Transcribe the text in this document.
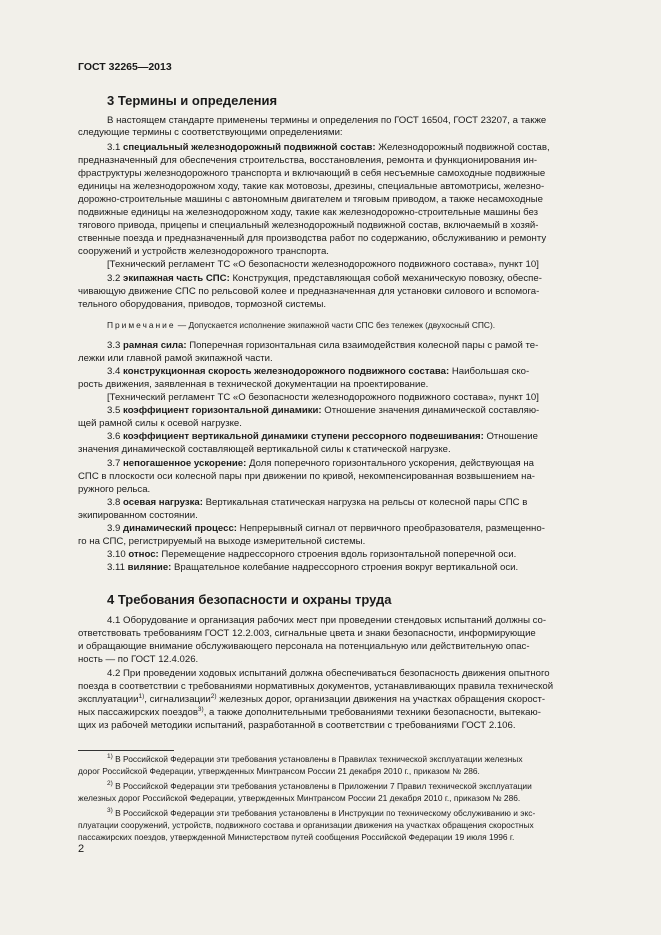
ГОСТ 32265—2013
3 Термины и определения
В настоящем стандарте применены термины и определения по ГОСТ 16504, ГОСТ 23207, а также
следующие термины с соответствующими определениями:
3.1 специальный железнодорожный подвижной состав: Железнодорожный подвижной состав,
предназначенный для обеспечения строительства, восстановления, ремонта и функционирования ин-
фраструктуры железнодорожного транспорта и включающий в себя несъемные самоходные подвижные
единицы на железнодорожном ходу, такие как мотовозы, дрезины, специальные автомотрисы, железно-
дорожно-строительные машины с автономным двигателем и тяговым приводом, а также несамоходные
подвижные единицы на железнодорожном ходу, такие как железнодорожно-строительные машины без
тягового привода, прицепы и специальный железнодорожный подвижной состав, включаемый в хозяй-
ственные поезда и предназначенный для производства работ по содержанию, обслуживанию и ремонту
сооружений и устройств железнодорожного транспорта.
[Технический регламент ТС «О безопасности железнодорожного подвижного состава», пункт 10]
3.2 экипажная часть СПС: Конструкция, представляющая собой механическую повозку, обеспе-
чивающую движение СПС по рельсовой колее и предназначенная для установки силового и вспомога-
тельного оборудования, приводов, тормозной системы.
Примечание — Допускается исполнение экипажной части СПС без тележек (двухосный СПС).
3.3 рамная сила: Поперечная горизонтальная сила взаимодействия колесной пары с рамой те-
лежки или главной рамой экипажной части.
3.4 конструкционная скорость железнодорожного подвижного состава: Наибольшая ско-
рость движения, заявленная в технической документации на проектирование.
[Технический регламент ТС «О безопасности железнодорожного подвижного состава», пункт 10]
3.5 коэффициент горизонтальной динамики: Отношение значения динамической составляю-
щей рамной силы к осевой нагрузке.
3.6 коэффициент вертикальной динамики ступени рессорного подвешивания: Отношение
значения динамической составляющей вертикальной силы к статической нагрузке.
3.7 непогашенное ускорение: Доля поперечного горизонтального ускорения, действующая на
СПС в плоскости оси колесной пары при движении по кривой, некомпенсированная возвышением на-
ружного рельса.
3.8 осевая нагрузка: Вертикальная статическая нагрузка на рельсы от колесной пары СПС в
экипированном состоянии.
3.9 динамический процесс: Непрерывный сигнал от первичного преобразователя, размещенно-
го на СПС, регистрируемый на выходе измерительной системы.
3.10 относ: Перемещение надрессорного строения вдоль горизонтальной поперечной оси.
3.11 виляние: Вращательное колебание надрессорного строения вокруг вертикальной оси.
4 Требования безопасности и охраны труда
4.1 Оборудование и организация рабочих мест при проведении стендовых испытаний должны со-
ответствовать требованиям ГОСТ 12.2.003, сигнальные цвета и знаки безопасности, информирующие
и обращающие внимание обслуживающего персонала на потенциальную или действительную опас-
ность — по ГОСТ 12.4.026.
4.2 При проведении ходовых испытаний должна обеспечиваться безопасность движения опытного
поезда в соответствии с требованиями нормативных документов, устанавливающих правила технической
эксплуатации$^{1)}$, сигнализации$^{2)}$ железных дорог, организации движения на участках обращения скорост-
ных пассажирских поездов$^{3)}$, а также дополнительными требованиями техники безопасности, вытекаю-
щих из рабочей методики испытаний, разработанной в соответствии с требованиями ГОСТ 2.106.
$^{1)}$ В Российской Федерации эти требования установлены в Правилах технической эксплуатации железных
дорог Российской Федерации, утвержденных Минтрансом России 21 декабря 2010 г., приказом № 286.
$^{2)}$ В Российской Федерации эти требования установлены в Приложении 7 Правил технической эксплуатации
железных дорог Российской Федерации, утвержденных Минтрансом России 21 декабря 2010 г., приказом № 286.
$^{3)}$ В Российской Федерации эти требования установлены в Инструкции по техническому обслуживанию и экс-
плуатации сооружений, устройств, подвижного состава и организации движения на участках обращения скоростных
пассажирских поездов, утвержденной Министерством путей сообщения Российской Федерации 19 июля 1996 г.
2
